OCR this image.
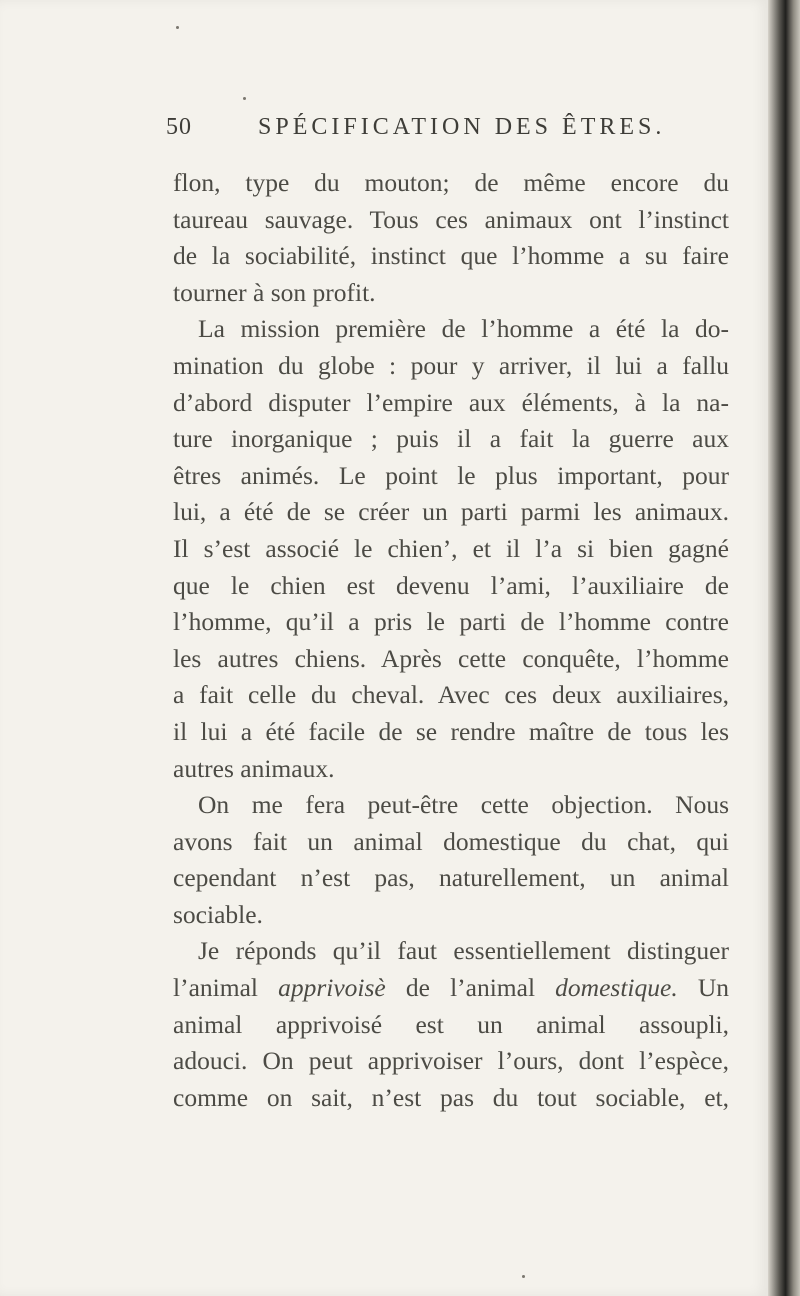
50	SPÉCIFICATION DES ÊTRES.
flon, type du mouton; de même encore du
taureau sauvage. Tous ces animaux ont l’instinct
de la sociabilité, instinct que l’homme a su faire
tourner à son profit.
La mission première de l’homme a été la do-
mination du globe : pour y arriver, il lui a fallu
d’abord disputer l’empire aux éléments, à la na-
ture inorganique ; puis il a fait la guerre aux
êtres animés. Le point le plus important, pour
lui, a été de se créer un parti parmi les animaux.
Il s’est associé le chien’, et il l’a si bien gagné
que le chien est devenu l’ami, l’auxiliaire de
l’homme, qu’il a pris le parti de l’homme contre
les autres chiens. Après cette conquête, l’homme
a fait celle du cheval. Avec ces deux auxiliaires,
il lui a été facile de se rendre maître de tous les
autres animaux.
On me fera peut-être cette objection. Nous
avons fait un animal domestique du chat, qui
cependant n’est pas, naturellement, un animal
sociable.
Je réponds qu’il faut essentiellement distinguer
l’animal apprivoisè de l’animal domestique. Un
animal apprivoisé est un animal assoupli,
adouci. On peut apprivoiser l’ours, dont l’espèce,
comme on sait, n’est pas du tout sociable, et,
